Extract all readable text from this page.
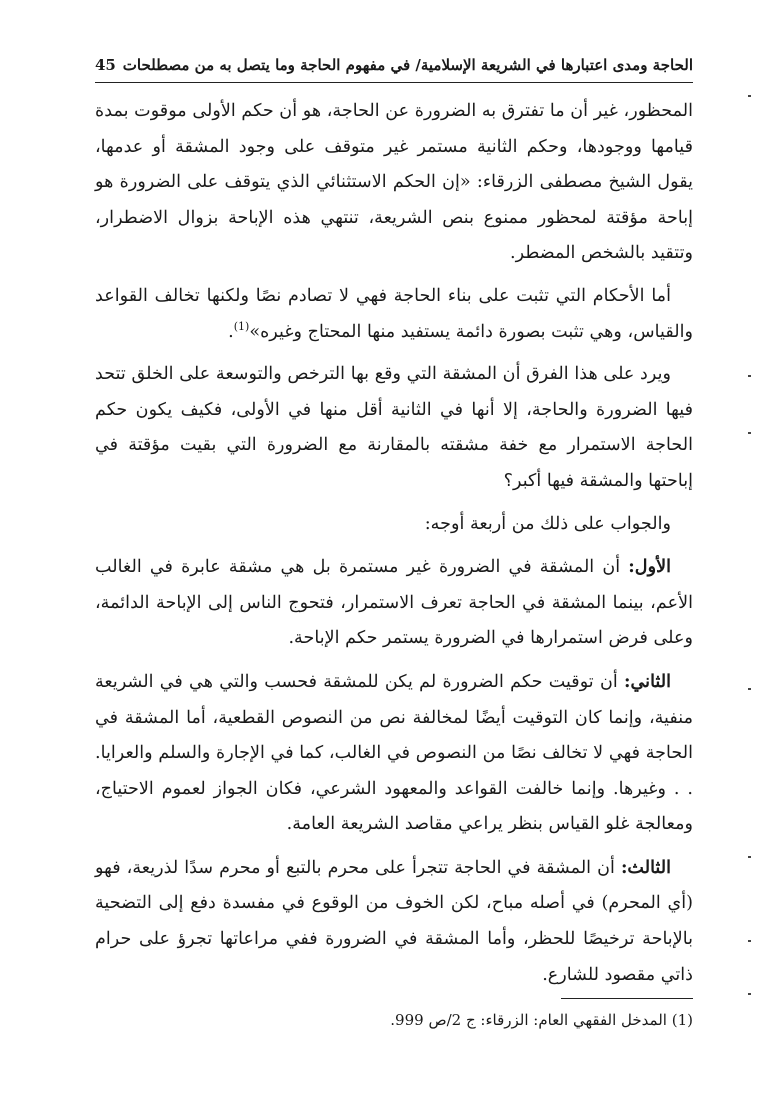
الحاجة ومدى اعتبارها في الشريعة الإسلامية/ في مفهوم الحاجة وما يتصل به من مصطلحات
45

المحظور، غير أن ما تفترق به الضرورة عن الحاجة، هو أن حكم الأولى موقوت بمدة قيامها ووجودها، وحكم الثانية مستمر غير متوقف على وجود المشقة أو عدمها، يقول الشيخ مصطفى الزرقاء: «إن الحكم الاستثنائي الذي يتوقف على الضرورة هو إباحة مؤقتة لمحظور ممنوع بنص الشريعة، تنتهي هذه الإباحة بزوال الاضطرار، وتتقيد بالشخص المضطر.

أما الأحكام التي تثبت على بناء الحاجة فهي لا تصادم نصًا ولكنها تخالف القواعد والقياس، وهي تثبت بصورة دائمة يستفيد منها المحتاج وغيره»$^{(1)}$.

ويرد على هذا الفرق أن المشقة التي وقع بها الترخص والتوسعة على الخلق تتحد فيها الضرورة والحاجة، إلا أنها في الثانية أقل منها في الأولى، فكيف يكون حكم الحاجة الاستمرار مع خفة مشقته بالمقارنة مع الضرورة التي بقيت مؤقتة في إباحتها والمشقة فيها أكبر؟

والجواب على ذلك من أربعة أوجه:

الأول: أن المشقة في الضرورة غير مستمرة بل هي مشقة عابرة في الغالب الأعم، بينما المشقة في الحاجة تعرف الاستمرار، فتحوج الناس إلى الإباحة الدائمة، وعلى فرض استمرارها في الضرورة يستمر حكم الإباحة.

الثاني: أن توقيت حكم الضرورة لم يكن للمشقة فحسب والتي هي في الشريعة منفية، وإنما كان التوقيت أيضًا لمخالفة نص من النصوص القطعية، أما المشقة في الحاجة فهي لا تخالف نصًا من النصوص في الغالب، كما في الإجارة والسلم والعرايا. . . وغيرها. وإنما خالفت القواعد والمعهود الشرعي، فكان الجواز لعموم الاحتياج، ومعالجة غلو القياس بنظر يراعي مقاصد الشريعة العامة.

الثالث: أن المشقة في الحاجة تتجرأ على محرم بالتبع أو محرم سدًا لذريعة، فهو (أي المحرم) في أصله مباح، لكن الخوف من الوقوع في مفسدة دفع إلى التضحية بالإباحة ترخيصًا للحظر، وأما المشقة في الضرورة ففي مراعاتها تجرؤ على حرام ذاتي مقصود للشارع.

(1) المدخل الفقهي العام: الزرقاء: ج 2/ص 999.
